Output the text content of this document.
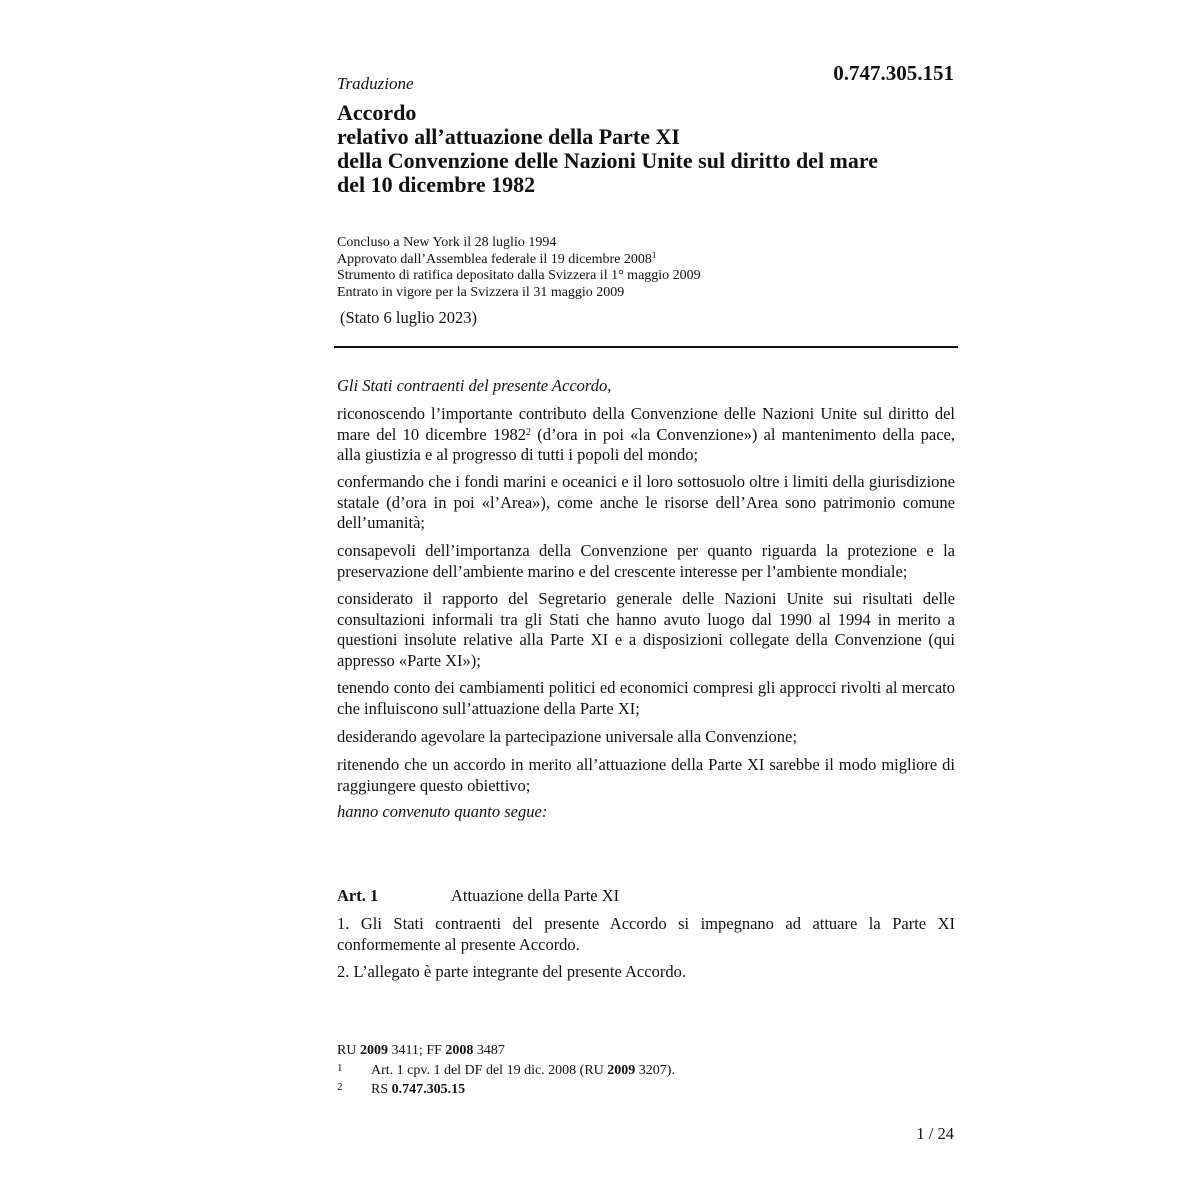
Traduzione	0.747.305.151

Accordo
relativo all’attuazione della Parte XI
della Convenzione delle Nazioni Unite sul diritto del mare
del 10 dicembre 1982
Concluso a New York il 28 luglio 1994
Approvato dall’Assemblea federale il 19 dicembre 2008$^1$
Strumento di ratifica depositato dalla Svizzera il 1° maggio 2009
Entrato in vigore per la Svizzera il 31 maggio 2009

(Stato 6 luglio 2023)

Gli Stati contraenti del presente Accordo,

riconoscendo l’importante contributo della Convenzione delle Nazioni Unite sul diritto del mare del 10 dicembre 1982$^2$ (d’ora in poi «la Convenzione») al mantenimento della pace, alla giustizia e al progresso di tutti i popoli del mondo;

confermando che i fondi marini e oceanici e il loro sottosuolo oltre i limiti della giurisdizione statale (d’ora in poi «l’Area»), come anche le risorse dell’Area sono patrimonio comune dell’umanità;

consapevoli dell’importanza della Convenzione per quanto riguarda la protezione e la preservazione dell’ambiente marino e del crescente interesse per l’ambiente mondiale;

considerato il rapporto del Segretario generale delle Nazioni Unite sui risultati delle consultazioni informali tra gli Stati che hanno avuto luogo dal 1990 al 1994 in merito a questioni insolute relative alla Parte XI e a disposizioni collegate della Convenzione (qui appresso «Parte XI»);

tenendo conto dei cambiamenti politici ed economici compresi gli approcci rivolti al mercato che influiscono sull’attuazione della Parte XI;

desiderando agevolare la partecipazione universale alla Convenzione;

ritenendo che un accordo in merito all’attuazione della Parte XI sarebbe il modo migliore di raggiungere questo obiettivo;

hanno convenuto quanto segue:

Art. 1	Attuazione della Parte XI

1. Gli Stati contraenti del presente Accordo si impegnano ad attuare la Parte XI conformemente al presente Accordo.

2. L’allegato è parte integrante del presente Accordo.

RU 2009 3411; FF 2008 3487
1 Art. 1 cpv. 1 del DF del 19 dic. 2008 (RU 2009 3207).
2 RS 0.747.305.15

1 / 24
